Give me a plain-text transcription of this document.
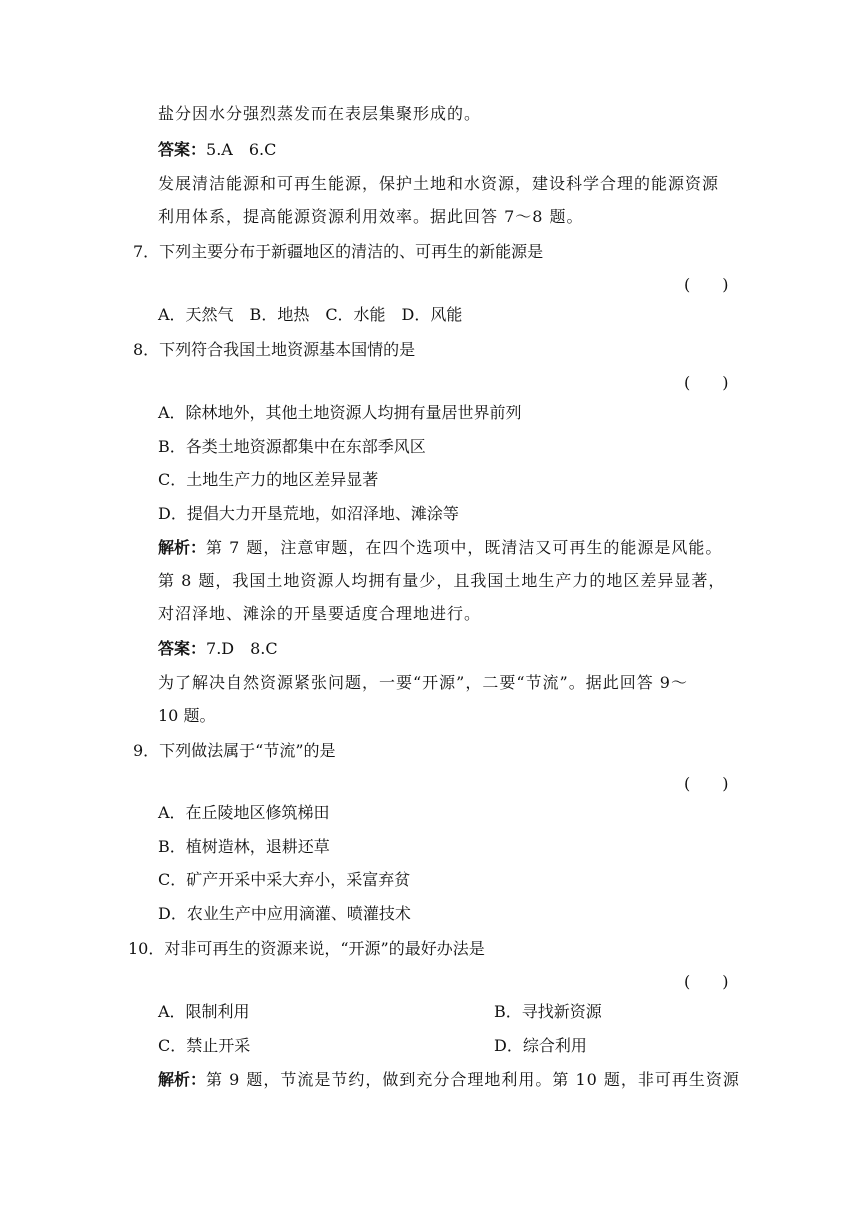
盐分因水分强烈蒸发而在表层集聚形成的。
答案：5.A　6.C
发展清洁能源和可再生能源，保护土地和水资源，建设科学合理的能源资源
利用体系，提高能源资源利用效率。据此回答 7～8 题。
7．下列主要分布于新疆地区的清洁的、可再生的新能源是
(　　)
A．天然气　B．地热　C．水能　D．风能
8．下列符合我国土地资源基本国情的是
(　　)
A．除林地外，其他土地资源人均拥有量居世界前列
B．各类土地资源都集中在东部季风区
C．土地生产力的地区差异显著
D．提倡大力开垦荒地，如沼泽地、滩涂等
解析：第 7 题，注意审题，在四个选项中，既清洁又可再生的能源是风能。
第 8 题，我国土地资源人均拥有量少，且我国土地生产力的地区差异显著，
对沼泽地、滩涂的开垦要适度合理地进行。
答案：7.D　8.C
为了解决自然资源紧张问题，一要“开源”，二要“节流”。据此回答 9～
10 题。
9．下列做法属于“节流”的是
(　　)
A．在丘陵地区修筑梯田
B．植树造林，退耕还草
C．矿产开采中采大弃小，采富弃贫
D．农业生产中应用滴灌、喷灌技术
10．对非可再生的资源来说，“开源”的最好办法是
(　　)
A．限制利用	B．寻找新资源
C．禁止开采	D．综合利用
解析：第 9 题，节流是节约，做到充分合理地利用。第 10 题，非可再生资源
